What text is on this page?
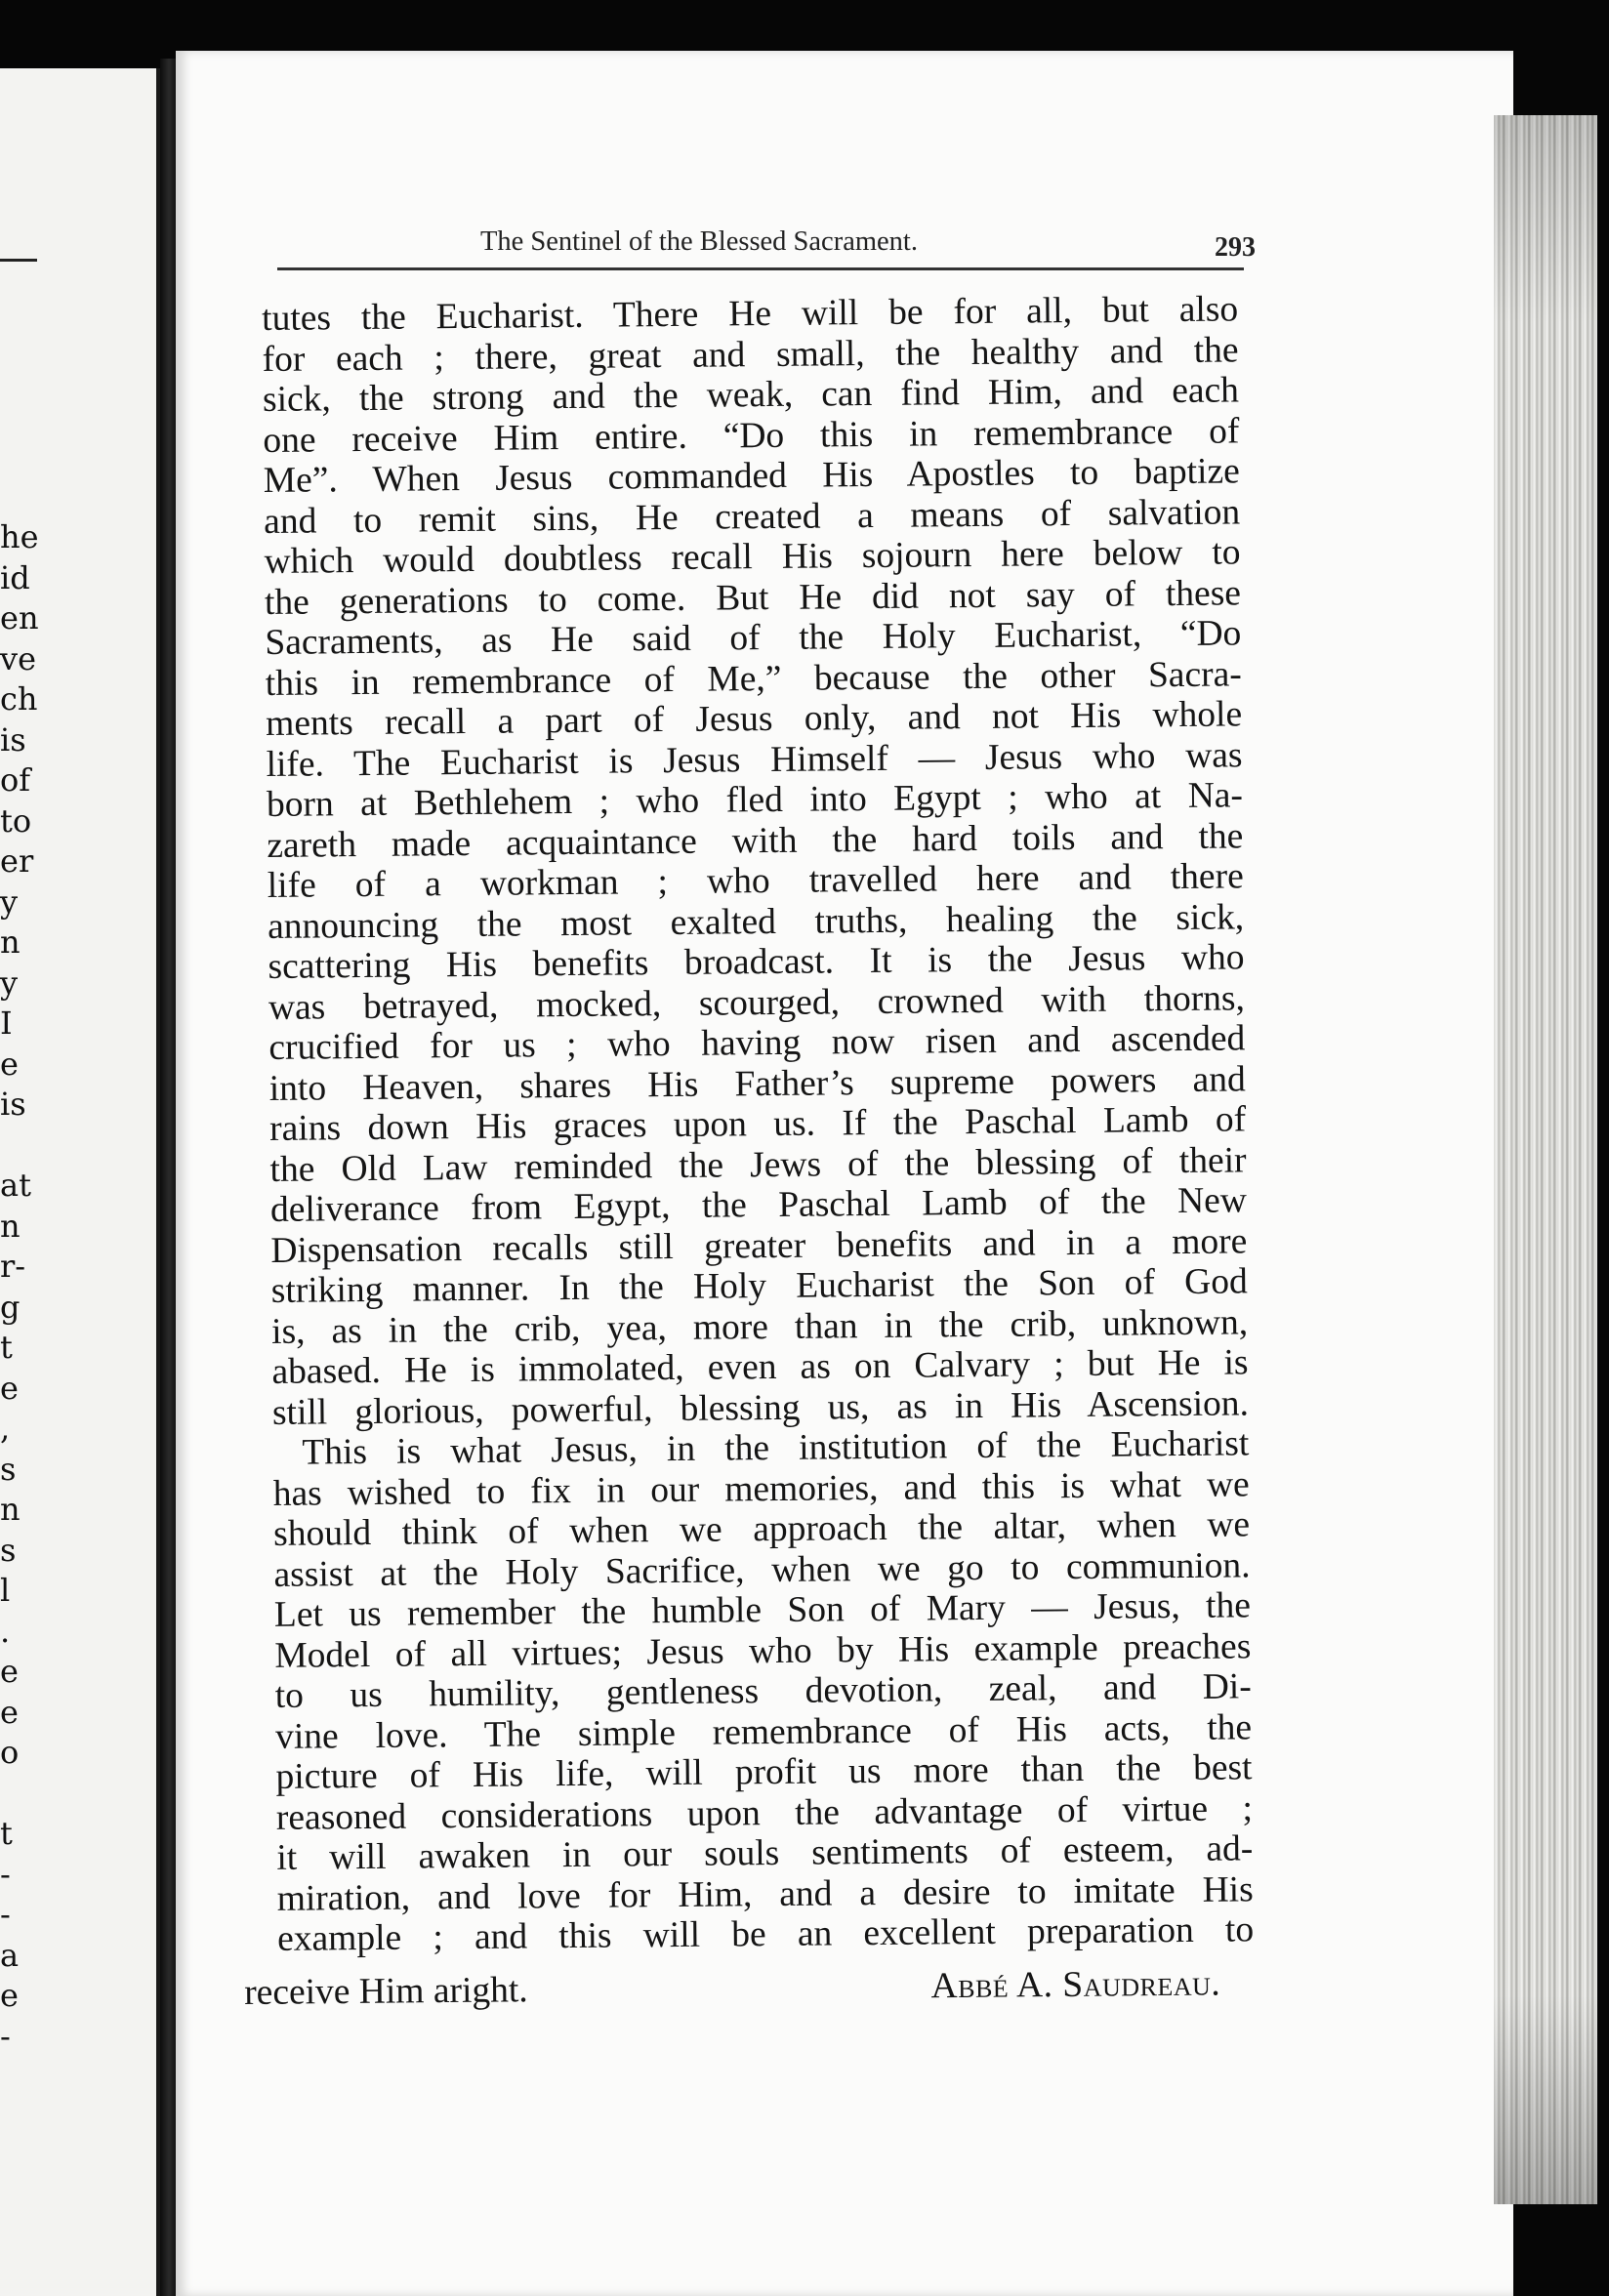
he
id
en
ve
ch
is
of
to
er
y
n
y
I
e
is
at
n
r-
g
t
e
,
s
n
s
l
.
e
e
o
t
-
-
a
e
-
The Sentinel of the Blessed Sacrament.	293
tutes the Eucharist. There He will be for all, but also
for each ; there, great and small, the healthy and the
sick, the strong and the weak, can find Him, and each
one receive Him entire. “Do this in remembrance of
Me”. When Jesus commanded His Apostles to baptize
and to remit sins, He created a means of salvation
which would doubtless recall His sojourn here below to
the generations to come. But He did not say of these
Sacraments, as He said of the Holy Eucharist, “Do
this in remembrance of Me,” because the other Sacra-
ments recall a part of Jesus only, and not His whole
life. The Eucharist is Jesus Himself — Jesus who was
born at Bethlehem ; who fled into Egypt ; who at Na-
zareth made acquaintance with the hard toils and the
life of a workman ; who travelled here and there
announcing the most exalted truths, healing the sick,
scattering His benefits broadcast. It is the Jesus who
was betrayed, mocked, scourged, crowned with thorns,
crucified for us ; who having now risen and ascended
into Heaven, shares His Father’s supreme powers and
rains down His graces upon us. If the Paschal Lamb of
the Old Law reminded the Jews of the blessing of their
deliverance from Egypt, the Paschal Lamb of the New
Dispensation recalls still greater benefits and in a more
striking manner. In the Holy Eucharist the Son of God
is, as in the crib, yea, more than in the crib, unknown,
abased. He is immolated, even as on Calvary ; but He is
still glorious, powerful, blessing us, as in His Ascension.
This is what Jesus, in the institution of the Eucharist
has wished to fix in our memories, and this is what we
should think of when we approach the altar, when we
assist at the Holy Sacrifice, when we go to communion.
Let us remember the humble Son of Mary — Jesus, the
Model of all virtues; Jesus who by His example preaches
to us humility, gentleness devotion, zeal, and Di-
vine love. The simple remembrance of His acts, the
picture of His life, will profit us more than the best
reasoned considerations upon the advantage of virtue ;
it will awaken in our souls sentiments of esteem, ad-
miration, and love for Him, and a desire to imitate His
example ; and this will be an excellent preparation to
receive Him aright.	Abbé A. Saudreau.
